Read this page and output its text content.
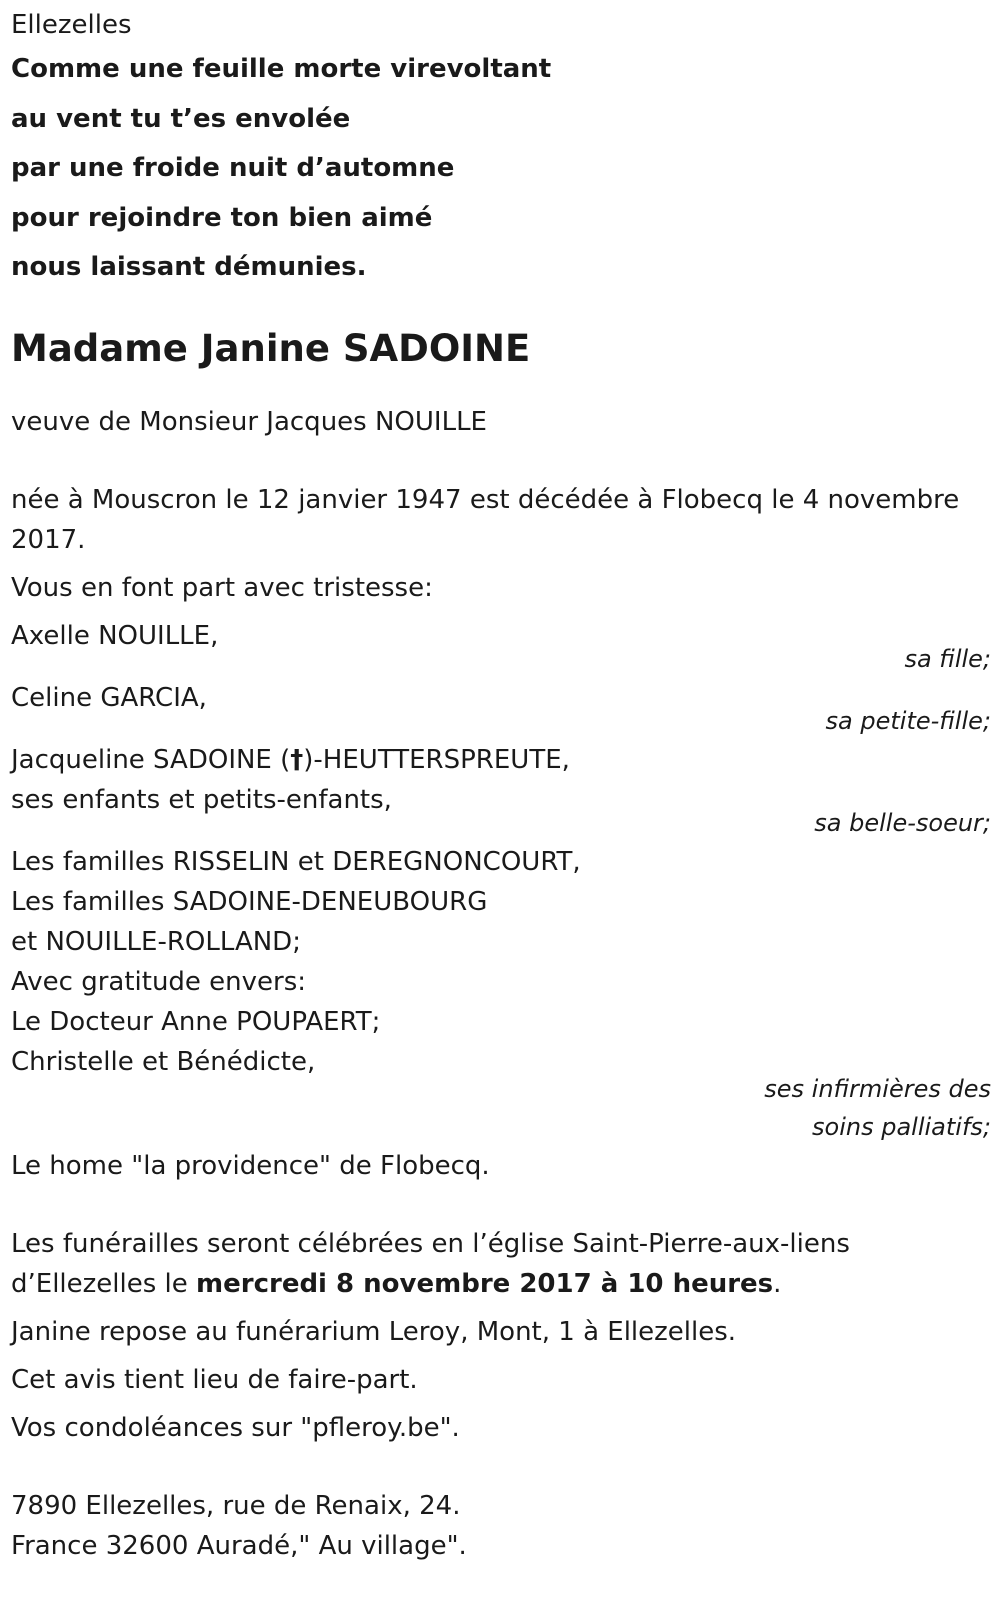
Ellezelles
Comme une feuille morte virevoltant
au vent tu t’es envolée
par une froide nuit d’automne
pour rejoindre ton bien aimé
nous laissant démunies.
Madame Janine SADOINE
veuve de Monsieur Jacques NOUILLE
née à Mouscron le 12 janvier 1947 est décédée à Flobecq le 4 novembre
2017.
Vous en font part avec tristesse:
Axelle NOUILLE,
sa fille;
Celine GARCIA,
sa petite-fille;
Jacqueline SADOINE (†)-HEUTTERSPREUTE,
ses enfants et petits-enfants,
sa belle-soeur;
Les familles RISSELIN et DEREGNONCOURT,
Les familles SADOINE-DENEUBOURG
et NOUILLE-ROLLAND;
Avec gratitude envers:
Le Docteur Anne POUPAERT;
Christelle et Bénédicte,
ses infirmières des
soins palliatifs;
Le home "la providence" de Flobecq.
Les funérailles seront célébrées en l’église Saint-Pierre-aux-liens
d’Ellezelles le mercredi 8 novembre 2017 à 10 heures.
Janine repose au funérarium Leroy, Mont, 1 à Ellezelles.
Cet avis tient lieu de faire-part.
Vos condoléances sur "pfleroy.be".
7890 Ellezelles, rue de Renaix, 24.
France 32600 Auradé," Au village".
